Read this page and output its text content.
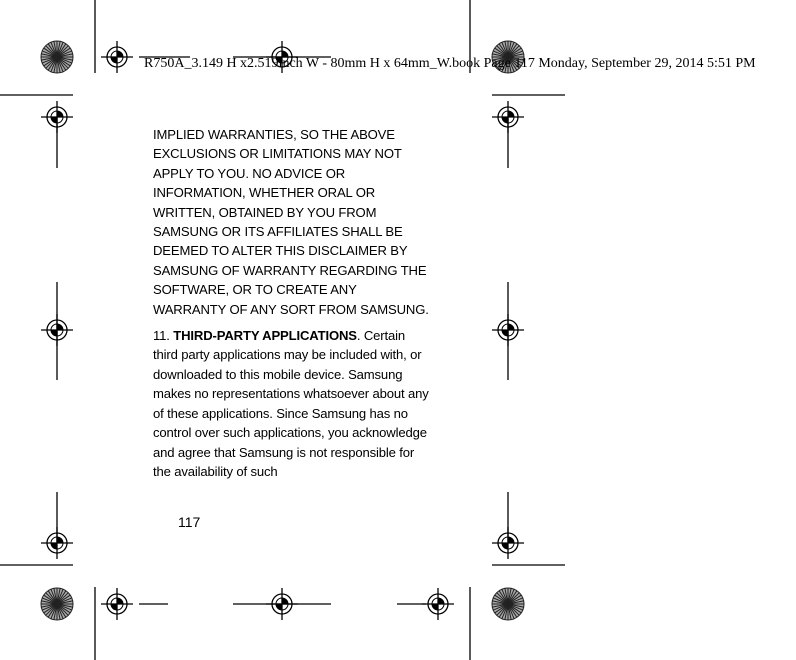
R750A_3.149 H x2.519inch W - 80mm H x 64mm_W.book Page 117 Monday, September 29, 2014 5:51 PM

IMPLIED WARRANTIES, SO THE ABOVE EXCLUSIONS OR LIMITATIONS MAY NOT APPLY TO YOU. NO ADVICE OR INFORMATION, WHETHER ORAL OR WRITTEN, OBTAINED BY YOU FROM SAMSUNG OR ITS AFFILIATES SHALL BE DEEMED TO ALTER THIS DISCLAIMER BY SAMSUNG OF WARRANTY REGARDING THE SOFTWARE, OR TO CREATE ANY WARRANTY OF ANY SORT FROM SAMSUNG.

11. THIRD-PARTY APPLICATIONS. Certain third party applications may be included with, or downloaded to this mobile device. Samsung makes no representations whatsoever about any of these applications. Since Samsung has no control over such applications, you acknowledge and agree that Samsung is not responsible for the availability of such

117
